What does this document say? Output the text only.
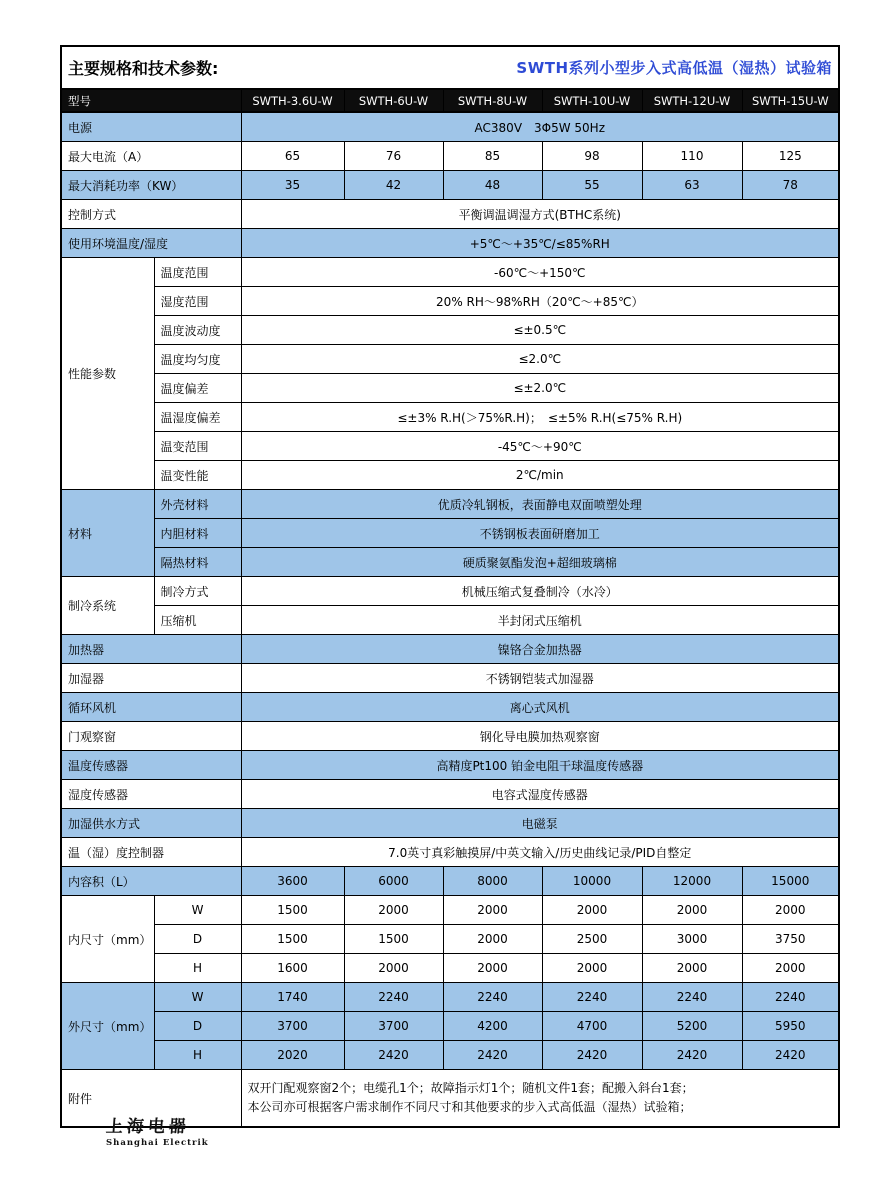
主要规格和技术参数: SWTH系列小型步入式高低温（湿热）试验箱							

型号		SWTH-3.6U-W	SWTH-6U-W	SWTH-8U-W	SWTH-10U-W	SWTH-12U-W	SWTH-15U-W
电源		AC380V　3Φ5W 50Hz					
最大电流（A）		65	76	85	98	110	125
最大消耗功率（KW）		35	42	48	55	63	78
控制方式		平衡调温调湿方式(BTHC系统)					
使用环境温度/湿度		+5℃～+35℃/≤85%RH					
性能参数	温度范围	-60℃～+150℃					
	湿度范围	20% RH～98%RH（20℃～+85℃）					
	温度波动度	≤±0.5℃					
	温度均匀度	≤2.0℃					
	温度偏差	≤±2.0℃					
	温湿度偏差	≤±3% R.H(＞75%R.H)；　≤±5% R.H(≤75% R.H)					
	温变范围	-45℃～+90℃					
	温变性能	2℃/min					
材料	外壳材料	优质冷轧钢板，表面静电双面喷塑处理					
	内胆材料	不锈钢板表面研磨加工					
	隔热材料	硬质聚氨酯发泡+超细玻璃棉					
制冷系统	制冷方式	机械压缩式复叠制冷（水冷）					
	压缩机	半封闭式压缩机					
加热器		镍铬合金加热器					
加湿器		不锈钢铠装式加湿器					
循环风机		离心式风机					
门观察窗		钢化导电膜加热观察窗					
温度传感器		高精度Pt100 铂金电阻干球温度传感器					
湿度传感器		电容式湿度传感器					
加湿供水方式		电磁泵					
温（湿）度控制器		7.0英寸真彩触摸屏/中英文输入/历史曲线记录/PID自整定					
内容积（L）		3600	6000	8000	10000	12000	15000
内尺寸（mm）	W	1500	2000	2000	2000	2000	2000
	D	1500	1500	2000	2500	3000	3750
	H	1600	2000	2000	2000	2000	2000
外尺寸（mm）	W	1740	2240	2240	2240	2240	2240
	D	3700	3700	4200	4700	5200	5950
	H	2020	2420	2420	2420	2420	2420
附件		双开门配观察窗2个；电缆孔1个；故障指示灯1个；随机文件1套；配搬入斜台1套；
本公司亦可根据客户需求制作不同尺寸和其他要求的步入式高低温（湿热）试验箱；					
上海电器
Shanghai Electrik
